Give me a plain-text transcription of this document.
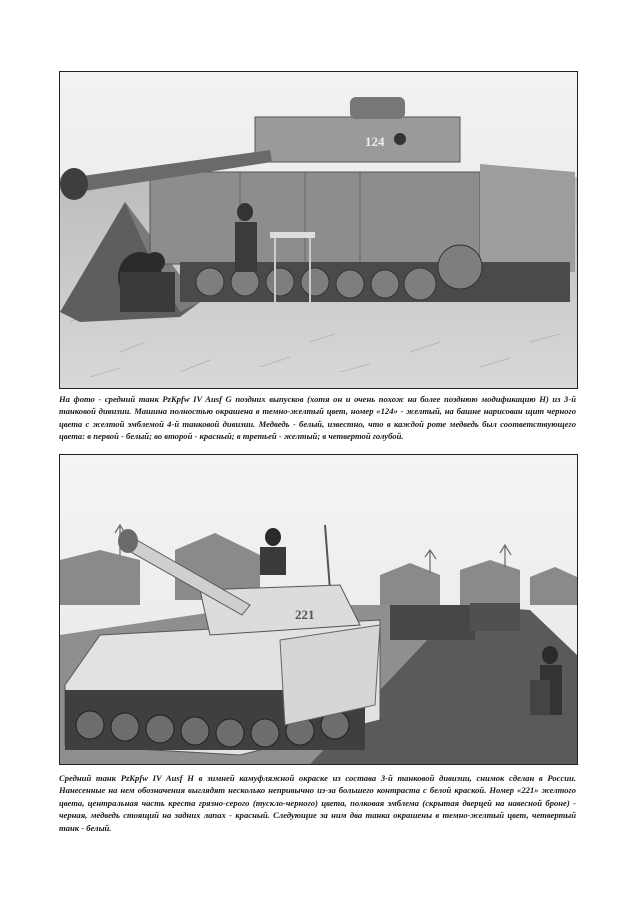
124

На фото - средний танк PzKpfw IV Ausf G поздних выпусков (хотя он и очень похож на более позднюю модификацию H) из 3-й танковой дивизии. Машина полностью окрашена в темно-желтый цвет, номер «124» - желтый, на башне нарисован щит черного цвета с желтой эмблемой 4-й танковой дивизии. Медведь - белый, известно, что в каждой роте медведь был соответствующего цвета: в первой - белый; во второй - красный; в третьей - желтый; в четвертой голубой.

221

Средний танк PzKpfw IV Ausf H в зимней камуфляжной окраске из состава 3-й танковой дивизии, снимок сделан в России. Нанесенные на нем обозначения выглядят несколько непривычно из-за большего контраста с белой краской. Номер «221» желтого цвета, центральная часть креста грязно-серого (тускло-черного) цвета, полковая эмблема (скрытая дверцей на навесной броне) - черная, медведь стоящий на задних лапах - красный. Следующие за ним два танка окрашены в темно-желтый цвет, четвертый танк - белый.
